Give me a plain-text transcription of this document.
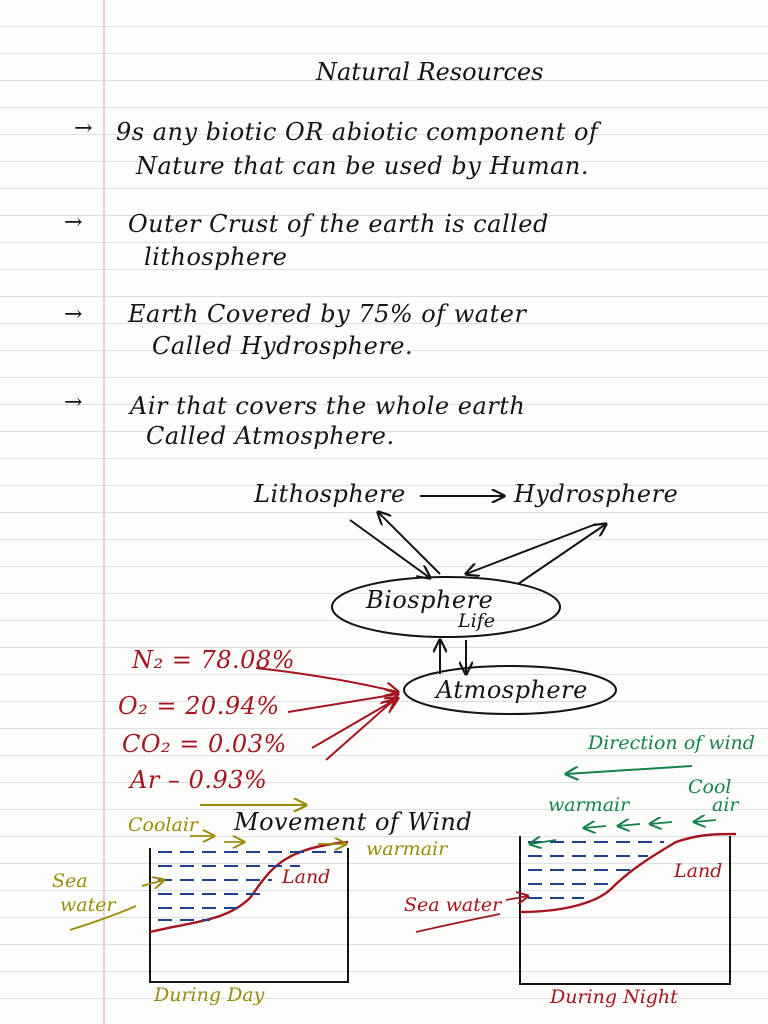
Natural Resources
→ 9s any biotic OR abiotic component of
Nature that can be used by Human.
→ Outer Crust of the earth is called
lithosphere
→ Earth Covered by 75% of water
Called Hydrosphere.
→ Air that covers the whole earth
Called Atmosphere.
Lithosphere	Hydrosphere
Biosphere
Life
Atmosphere
N₂ = 78.08%
O₂ = 20.94%
CO₂ = 0.03%
Ar – 0.93%
Movement of Wind
Coolair
warmair
Sea
water
Land
During Day
Direction of wind
warmair
Cool
air
Sea water
Land
During Night
